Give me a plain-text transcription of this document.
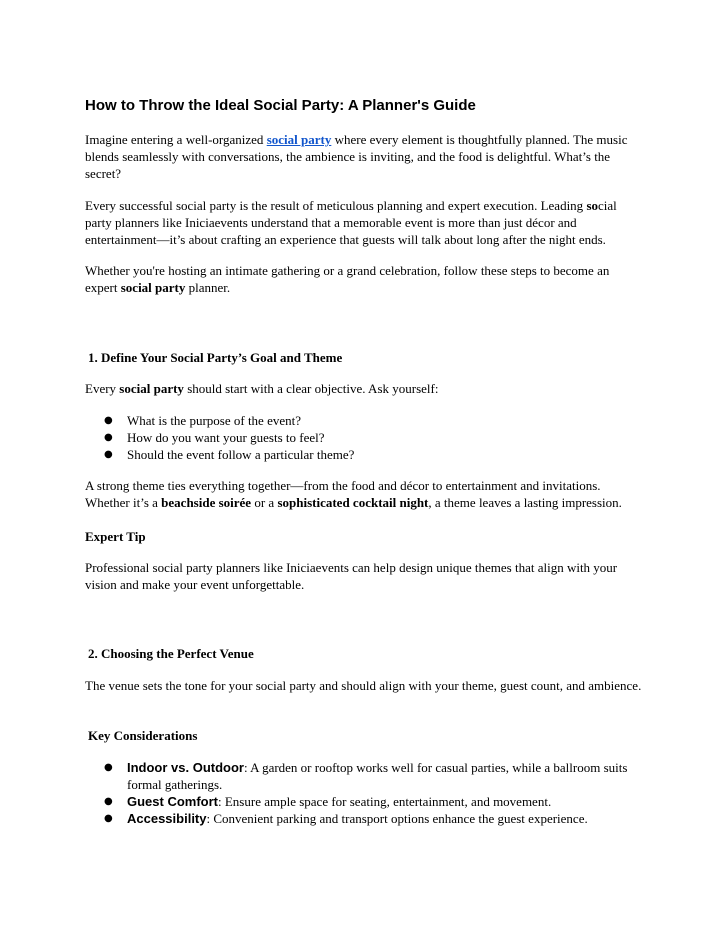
How to Throw the Ideal Social Party: A Planner's Guide

Imagine entering a well-organized social party where every element is thoughtfully planned. The music blends seamlessly with conversations, the ambience is inviting, and the food is delightful. What’s the secret?

Every successful social party is the result of meticulous planning and expert execution. Leading social party planners like Iniciaevents understand that a memorable event is more than just décor and entertainment—it’s about crafting an experience that guests will talk about long after the night ends.

Whether you're hosting an intimate gathering or a grand celebration, follow these steps to become an expert social party planner.

1. Define Your Social Party’s Goal and Theme

Every social party should start with a clear objective. Ask yourself:

● What is the purpose of the event?
● How do you want your guests to feel?
● Should the event follow a particular theme?

A strong theme ties everything together—from the food and décor to entertainment and invitations. Whether it’s a beachside soirée or a sophisticated cocktail night, a theme leaves a lasting impression.

Expert Tip

Professional social party planners like Iniciaevents can help design unique themes that align with your vision and make your event unforgettable.

2. Choosing the Perfect Venue

The venue sets the tone for your social party and should align with your theme, guest count, and ambience.

Key Considerations
● Indoor vs. Outdoor: A garden or rooftop works well for casual parties, while a ballroom suits formal gatherings.
● Guest Comfort: Ensure ample space for seating, entertainment, and movement.
● Accessibility: Convenient parking and transport options enhance the guest experience.
